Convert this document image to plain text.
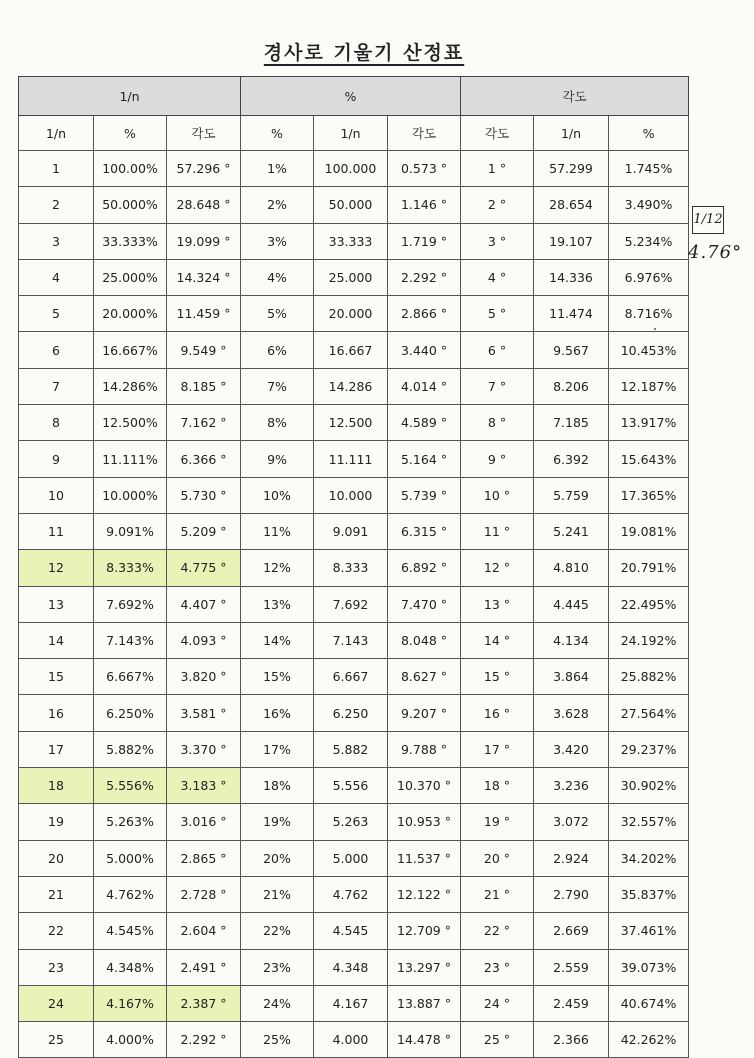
경사로 기울기 산정표
1/n			%			각도		
1/n	%	각도	%	1/n	각도	각도	1/n	%
1	100.00%	57.296 °	1%	100.000	0.573 °	1 °	57.299	1.745%
2	50.000%	28.648 °	2%	50.000	1.146 °	2 °	28.654	3.490%
3	33.333%	19.099 °	3%	33.333	1.719 °	3 °	19.107	5.234%
4	25.000%	14.324 °	4%	25.000	2.292 °	4 °	14.336	6.976%
5	20.000%	11.459 °	5%	20.000	2.866 °	5 °	11.474	8.716%
6	16.667%	9.549 °	6%	16.667	3.440 °	6 °	9.567	10.453%
7	14.286%	8.185 °	7%	14.286	4.014 °	7 °	8.206	12.187%
8	12.500%	7.162 °	8%	12.500	4.589 °	8 °	7.185	13.917%
9	11.111%	6.366 °	9%	11.111	5.164 °	9 °	6.392	15.643%
10	10.000%	5.730 °	10%	10.000	5.739 °	10 °	5.759	17.365%
11	9.091%	5.209 °	11%	9.091	6.315 °	11 °	5.241	19.081%
12	8.333%	4.775 °	12%	8.333	6.892 °	12 °	4.810	20.791%
13	7.692%	4.407 °	13%	7.692	7.470 °	13 °	4.445	22.495%
14	7.143%	4.093 °	14%	7.143	8.048 °	14 °	4.134	24.192%
15	6.667%	3.820 °	15%	6.667	8.627 °	15 °	3.864	25.882%
16	6.250%	3.581 °	16%	6.250	9.207 °	16 °	3.628	27.564%
17	5.882%	3.370 °	17%	5.882	9.788 °	17 °	3.420	29.237%
18	5.556%	3.183 °	18%	5.556	10.370 °	18 °	3.236	30.902%
19	5.263%	3.016 °	19%	5.263	10.953 °	19 °	3.072	32.557%
20	5.000%	2.865 °	20%	5.000	11.537 °	20 °	2.924	34.202%
21	4.762%	2.728 °	21%	4.762	12.122 °	21 °	2.790	35.837%
22	4.545%	2.604 °	22%	4.545	12.709 °	22 °	2.669	37.461%
23	4.348%	2.491 °	23%	4.348	13.297 °	23 °	2.559	39.073%
24	4.167%	2.387 °	24%	4.167	13.887 °	24 °	2.459	40.674%
25	4.000%	2.292 °	25%	4.000	14.478 °	25 °	2.366	42.262%
1/12
4.76°
